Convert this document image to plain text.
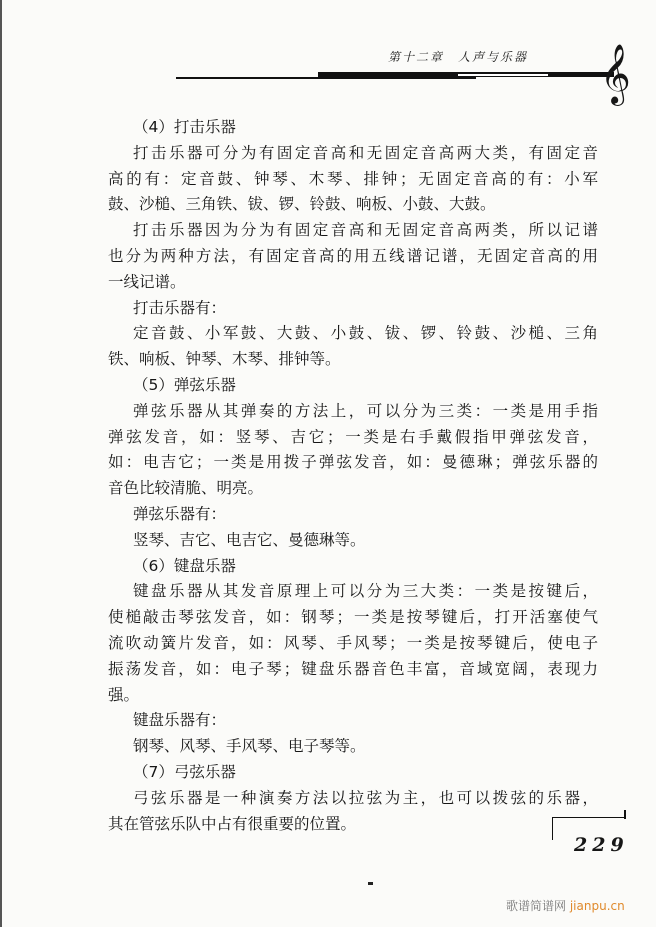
第十二章　人声与乐器 𝄞
（4）打击乐器
打击乐器可分为有固定音高和无固定音高两大类，有固定音
高的有：定音鼓、钟琴、木琴、排钟；无固定音高的有：小军
鼓、沙槌、三角铁、钹、锣、铃鼓、响板、小鼓、大鼓。
打击乐器因为分为有固定音高和无固定音高两类，所以记谱
也分为两种方法，有固定音高的用五线谱记谱，无固定音高的用
一线记谱。
打击乐器有：
定音鼓、小军鼓、大鼓、小鼓、钹、锣、铃鼓、沙槌、三角
铁、响板、钟琴、木琴、排钟等。
（5）弹弦乐器
弹弦乐器从其弹奏的方法上，可以分为三类：一类是用手指
弹弦发音，如：竖琴、吉它；一类是右手戴假指甲弹弦发音，
如：电吉它；一类是用拨子弹弦发音，如：曼德琳；弹弦乐器的
音色比较清脆、明亮。
弹弦乐器有：
竖琴、吉它、电吉它、曼德琳等。
（6）键盘乐器
键盘乐器从其发音原理上可以分为三大类：一类是按键后，
使槌敲击琴弦发音，如：钢琴；一类是按琴键后，打开活塞使气
流吹动簧片发音，如：风琴、手风琴；一类是按琴键后，使电子
振荡发音，如：电子琴；键盘乐器音色丰富，音域宽阔，表现力
强。
键盘乐器有：
钢琴、风琴、手风琴、电子琴等。
（7）弓弦乐器
弓弦乐器是一种演奏方法以拉弦为主，也可以拨弦的乐器，
其在管弦乐队中占有很重要的位置。
229
歌谱简谱网 jianpu.cn
